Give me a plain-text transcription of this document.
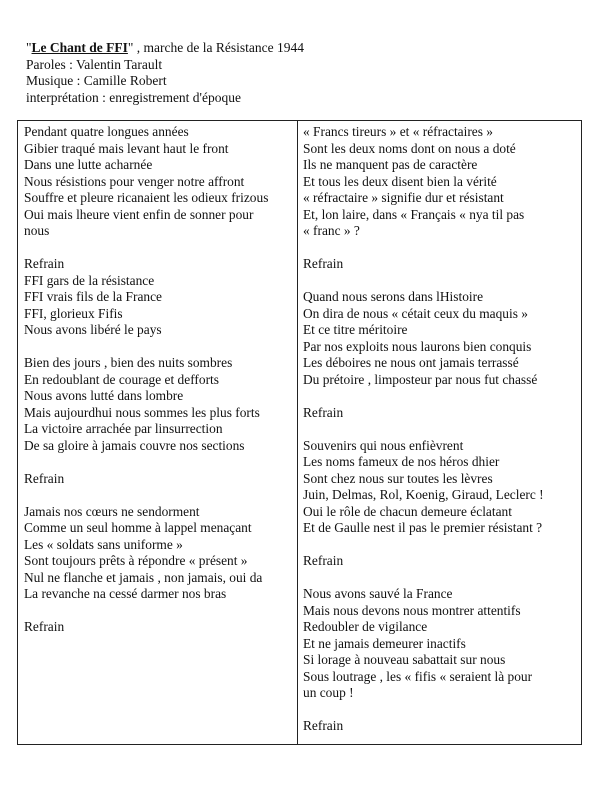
"Le Chant de FFI" , marche de la Résistance 1944
Paroles : Valentin Tarault
Musique : Camille Robert
interprétation : enregistrement d'époque
Pendant quatre longues années
Gibier traqué mais levant haut le front
Dans une lutte acharnée
Nous résistions pour venger notre affront
Souffre et pleure ricanaient les odieux frizous
Oui mais lheure vient enfin de sonner pour
nous
Refrain
FFI gars de la résistance
FFI vrais fils de la France
FFI, glorieux Fifis
Nous avons libéré le pays
Bien des jours , bien des nuits sombres
En redoublant de courage et defforts
Nous avons lutté dans lombre
Mais aujourdhui nous sommes les plus forts
La victoire arrachée par linsurrection
De sa gloire à jamais couvre nos sections
Refrain
Jamais nos cœurs ne sendorment
Comme un seul homme à lappel menaçant
Les « soldats sans uniforme »
Sont toujours prêts à répondre « présent »
Nul ne flanche et jamais , non jamais, oui da
La revanche na cessé darmer nos bras
Refrain
« Francs tireurs » et « réfractaires »
Sont les deux noms dont on nous a doté
Ils ne manquent pas de caractère
Et tous les deux disent bien la vérité
« réfractaire » signifie dur et résistant
Et, lon laire, dans « Français « nya til pas
« franc » ?
Refrain
Quand nous serons dans lHistoire
On dira de nous « cétait ceux du maquis »
Et ce titre méritoire
Par nos exploits nous laurons bien conquis
Les déboires ne nous ont jamais terrassé
Du prétoire , limposteur par nous fut chassé
Refrain
Souvenirs qui nous enfièvrent
Les noms fameux de nos héros dhier
Sont chez nous sur toutes les lèvres
Juin, Delmas, Rol, Koenig, Giraud, Leclerc !
Oui le rôle de chacun demeure éclatant
Et de Gaulle nest il pas le premier résistant ?
Refrain
Nous avons sauvé la France
Mais nous devons nous montrer attentifs
Redoubler de vigilance
Et ne jamais demeurer inactifs
Si lorage à nouveau sabattait sur nous
Sous loutrage , les « fifis « seraient là pour
un coup !
Refrain
